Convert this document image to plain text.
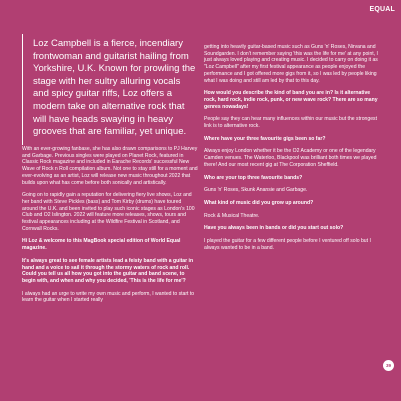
EQUAL
Loz Campbell is a fierce, incendiary frontwoman and guitarist hailing from Yorkshire, U.K. Known for prowling the stage with her sultry alluring vocals and spicy guitar riffs, Loz offers a modern take on alternative rock that will have heads swaying in heavy grooves that are familiar, yet unique.

With an ever-growing fanbase, she has also drawn comparisons to PJ Harvey and Garbage. Previous singles were played on Planet Rock, featured in Classic Rock magazine and included in Earache Records' successful New Wave of Rock n Roll compilation album. Not one to stay still for a moment and ever-evolving as an artist, Loz will release new music throughout 2022 that builds upon what has come before both sonically and artistically.

Going on to rapidly gain a reputation for delivering fiery live shows, Loz and her band with Steve Pickles (bass) and Tom Kirby (drums) have toured around the U.K. and been invited to play such iconic stages as London's 100 Club and O2 Islington. 2022 will feature more releases, shows, tours and festival appearances including at the Wildfire Festival in Scotland, and Cornwall Rocks.

Hi Loz & welcome to this MagBook special edition of World Equal magazine.

It's always great to see female artists lead a feisty band with a guitar in hand and a voice to sail it through the stormy waters of rock and roll. Could you tell us all how you got into the guitar and band scene, to begin with, and when and why you decided, 'This is the life for me'?

I always had an urge to write my own music and perform, I wanted to start to learn the guitar when I started really

getting into heavily guitar-based music such as Guns 'n' Roses, Nirvana and Soundgarden. I don't remember saying 'this was the life for me' at any point, I just always loved playing and creating music. I decided to carry on doing it as "Loz Campbell" after my first festival appearance as people enjoyed the performance and I got offered more gigs from it, so I was led by people liking what I was doing and still am led by that to this day.

How would you describe the kind of band you are in? Is it alternative rock, hard rock, indie rock, punk, or new wave rock? There are so many genres nowadays!

People say they can hear many influences within our music but the strongest link is to alternative rock.

Where have your three favourite gigs been so far?

Always enjoy London whether it be the O2 Academy or one of the legendary Camden venues. The Waterloo, Blackpool was brilliant both times we played there! And our most recent gig at The Corporation Sheffield.

Who are your top three favourite bands?

Guns 'n' Roses, Skunk Anansie and Garbage.

What kind of music did you grow up around?

Rock & Musical Theatre.

Have you always been in bands or did you start out solo?

I played the guitar for a few different people before I ventured off solo but I always wanted to be in a band.

39
